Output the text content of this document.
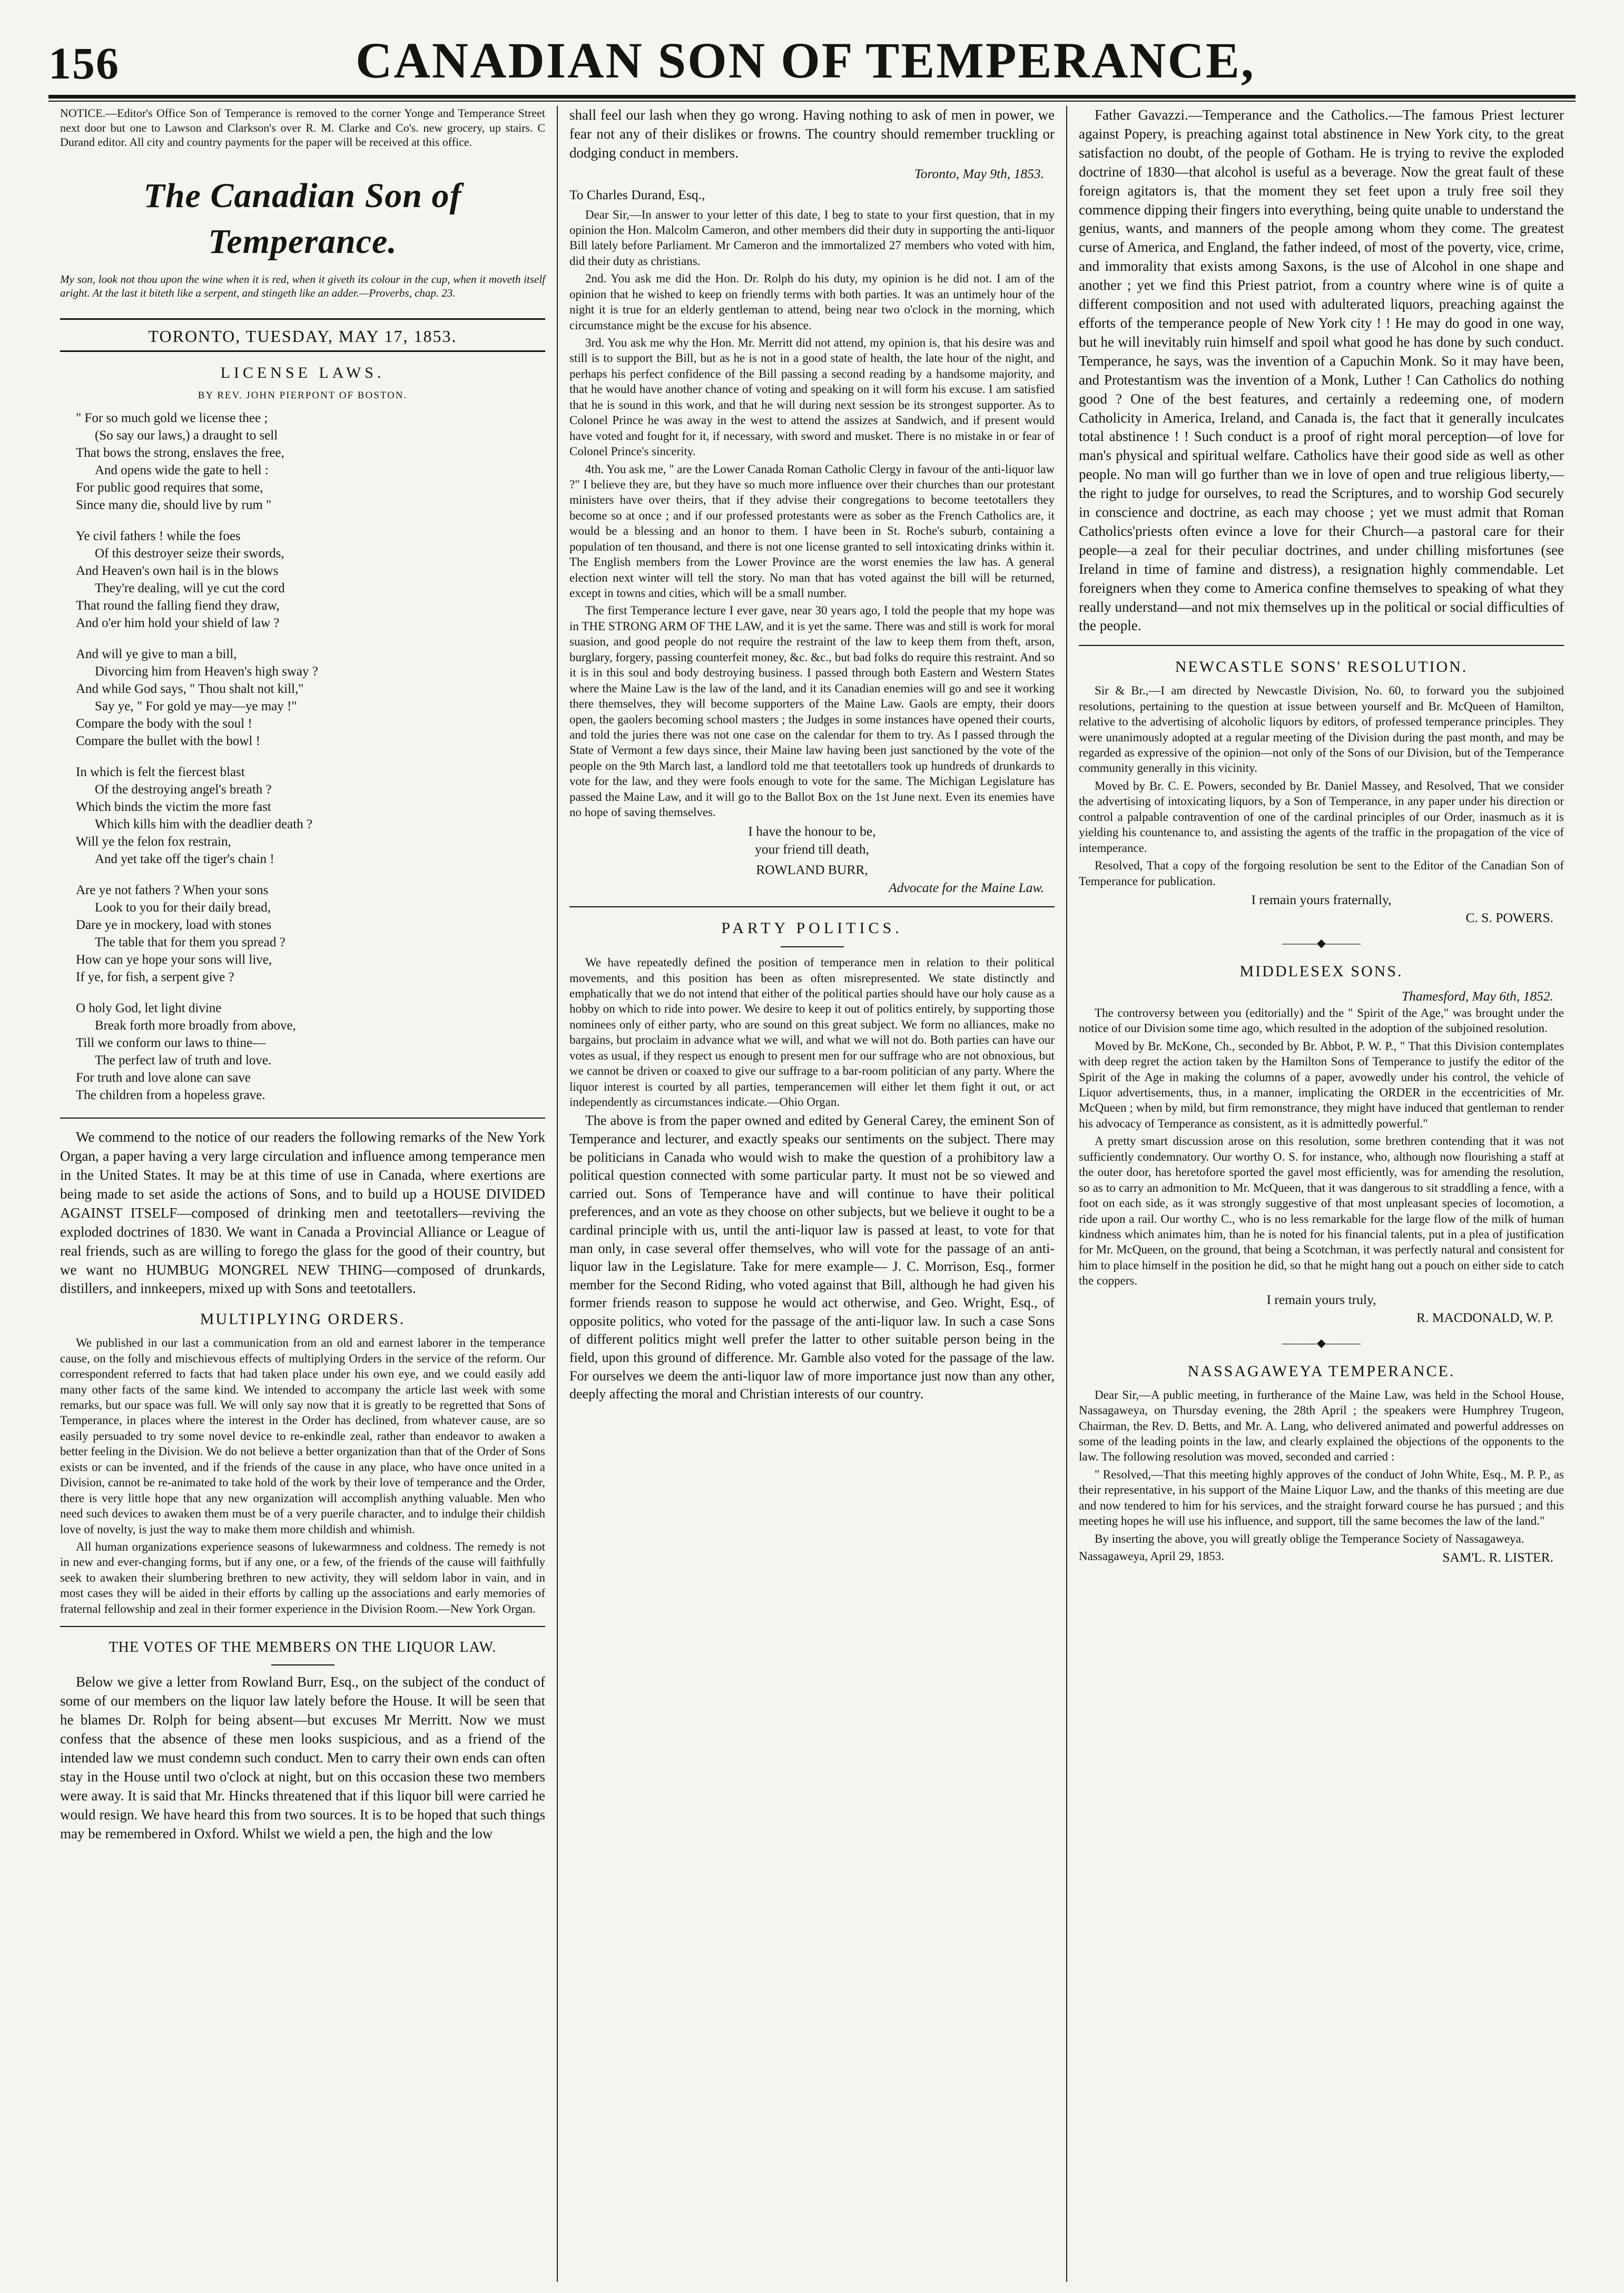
156	CANADIAN SON OF TEMPERANCE,

NOTICE.—Editor's Office Son of Temperance is removed to the corner Yonge and Temperance Street next door but one to Lawson and Clarkson's over R. M. Clarke and Co's. new grocery, up stairs. C Durand editor. All city and country payments for the paper will be received at this office.

The Canadian Son of Temperance.

My son, look not thou upon the wine when it is red, when it giveth its colour in the cup, when it moveth itself aright. At the last it biteth like a serpent, and stingeth like an adder.—Proverbs, chap. 23.

TORONTO, TUESDAY, MAY 17, 1853.
LICENSE LAWS.
BY REV. JOHN PIERPONT OF BOSTON.
" For so much gold we license thee ;
(So say our laws,) a draught to sell
That bows the strong, enslaves the free,
And opens wide the gate to hell :
For public good requires that some,
Since many die, should live by rum "
Ye civil fathers ! while the foes
Of this destroyer seize their swords,
And Heaven's own hail is in the blows
They're dealing, will ye cut the cord
That round the falling fiend they draw,
And o'er him hold your shield of law ?
And will ye give to man a bill,
Divorcing him from Heaven's high sway ?
And while God says, " Thou shalt not kill,"
Say ye, " For gold ye may—ye may !"
Compare the body with the soul !
Compare the bullet with the bowl !
In which is felt the fiercest blast
Of the destroying angel's breath ?
Which binds the victim the more fast
Which kills him with the deadlier death ?
Will ye the felon fox restrain,
And yet take off the tiger's chain !
Are ye not fathers ? When your sons
Look to you for their daily bread,
Dare ye in mockery, load with stones
The table that for them you spread ?
How can ye hope your sons will live,
If ye, for fish, a serpent give ?
O holy God, let light divine
Break forth more broadly from above,
Till we conform our laws to thine—
The perfect law of truth and love.
For truth and love alone can save
The children from a hopeless grave.

We commend to the notice of our readers the following remarks of the New York Organ, a paper having a very large circulation and influence among temperance men in the United States. It may be at this time of use in Canada, where exertions are being made to set aside the actions of Sons, and to build up a HOUSE DIVIDED AGAINST ITSELF—composed of drinking men and teetotallers—reviving the exploded doctrines of 1830. We want in Canada a Provincial Alliance or League of real friends, such as are willing to forego the glass for the good of their country, but we want no HUMBUG MONGREL NEW THING—composed of drunkards, distillers, and innkeepers, mixed up with Sons and teetotallers.

MULTIPLYING ORDERS.

We published in our last a communication from an old and earnest laborer in the temperance cause, on the folly and mischievous effects of multiplying Orders in the service of the reform. Our correspondent referred to facts that had taken place under his own eye, and we could easily add many other facts of the same kind. We intended to accompany the article last week with some remarks, but our space was full. We will only say now that it is greatly to be regretted that Sons of Temperance, in places where the interest in the Order has declined, from whatever cause, are so easily persuaded to try some novel device to re-enkindle zeal, rather than endeavor to awaken a better feeling in the Division. We do not believe a better organization than that of the Order of Sons exists or can be invented, and if the friends of the cause in any place, who have once united in a Division, cannot be re-animated to take hold of the work by their love of temperance and the Order, there is very little hope that any new organization will accomplish anything valuable. Men who need such devices to awaken them must be of a very puerile character, and to indulge their childish love of novelty, is just the way to make them more childish and whimish.

All human organizations experience seasons of lukewarmness and coldness. The remedy is not in new and ever-changing forms, but if any one, or a few, of the friends of the cause will faithfully seek to awaken their slumbering brethren to new activity, they will seldom labor in vain, and in most cases they will be aided in their efforts by calling up the associations and early memories of fraternal fellowship and zeal in their former experience in the Division Room.—New York Organ.

THE VOTES OF THE MEMBERS ON THE LIQUOR LAW.

Below we give a letter from Rowland Burr, Esq., on the subject of the conduct of some of our members on the liquor law lately before the House. It will be seen that he blames Dr. Rolph for being absent—but excuses Mr Merritt. Now we must confess that the absence of these men looks suspicious, and as a friend of the intended law we must condemn such conduct. Men to carry their own ends can often stay in the House until two o'clock at night, but on this occasion these two members were away. It is said that Mr. Hincks threatened that if this liquor bill were carried he would resign. We have heard this from two sources. It is to be hoped that such things may be remembered in Oxford. Whilst we wield a pen, the high and the low

shall feel our lash when they go wrong. Having nothing to ask of men in power, we fear not any of their dislikes or frowns. The country should remember truckling or dodging conduct in members.

Toronto, May 9th, 1853.
To Charles Durand, Esq.,

Dear Sir,—In answer to your letter of this date, I beg to state to your first question, that in my opinion the Hon. Malcolm Cameron, and other members did their duty in supporting the anti-liquor Bill lately before Parliament. Mr Cameron and the immortalized 27 members who voted with him, did their duty as christians.

2nd. You ask me did the Hon. Dr. Rolph do his duty, my opinion is he did not. I am of the opinion that he wished to keep on friendly terms with both parties. It was an untimely hour of the night it is true for an elderly gentleman to attend, being near two o'clock in the morning, which circumstance might be the excuse for his absence.

3rd. You ask me why the Hon. Mr. Merritt did not attend, my opinion is, that his desire was and still is to support the Bill, but as he is not in a good state of health, the late hour of the night, and perhaps his perfect confidence of the Bill passing a second reading by a handsome majority, and that he would have another chance of voting and speaking on it will form his excuse. I am satisfied that he is sound in this work, and that he will during next session be its strongest supporter. As to Colonel Prince he was away in the west to attend the assizes at Sandwich, and if present would have voted and fought for it, if necessary, with sword and musket. There is no mistake in or fear of Colonel Prince's sincerity.

4th. You ask me, " are the Lower Canada Roman Catholic Clergy in favour of the anti-liquor law ?" I believe they are, but they have so much more influence over their churches than our protestant ministers have over theirs, that if they advise their congregations to become teetotallers they become so at once ; and if our professed protestants were as sober as the French Catholics are, it would be a blessing and an honor to them. I have been in St. Roche's suburb, containing a population of ten thousand, and there is not one license granted to sell intoxicating drinks within it. The English members from the Lower Province are the worst enemies the law has. A general election next winter will tell the story. No man that has voted against the bill will be returned, except in towns and cities, which will be a small number.

The first Temperance lecture I ever gave, near 30 years ago, I told the people that my hope was in THE STRONG ARM OF THE LAW, and it is yet the same. There was and still is work for moral suasion, and good people do not require the restraint of the law to keep them from theft, arson, burglary, forgery, passing counterfeit money, &c. &c., but bad folks do require this restraint. And so it is in this soul and body destroying business. I passed through both Eastern and Western States where the Maine Law is the law of the land, and it its Canadian enemies will go and see it working there themselves, they will become supporters of the Maine Law. Gaols are empty, their doors open, the gaolers becoming school masters ; the Judges in some instances have opened their courts, and told the juries there was not one case on the calendar for them to try. As I passed through the State of Vermont a few days since, their Maine law having been just sanctioned by the vote of the people on the 9th March last, a landlord told me that teetotallers took up hundreds of drunkards to vote for the law, and they were fools enough to vote for the same. The Michigan Legislature has passed the Maine Law, and it will go to the Ballot Box on the 1st June next. Even its enemies have no hope of saving themselves.

I have the honour to be,
your friend till death,
ROWLAND BURR,
Advocate for the Maine Law.
PARTY POLITICS.

We have repeatedly defined the position of temperance men in relation to their political movements, and this position has been as often misrepresented. We state distinctly and emphatically that we do not intend that either of the political parties should have our holy cause as a hobby on which to ride into power. We desire to keep it out of politics entirely, by supporting those nominees only of either party, who are sound on this great subject. We form no alliances, make no bargains, but proclaim in advance what we will, and what we will not do. Both parties can have our votes as usual, if they respect us enough to present men for our suffrage who are not obnoxious, but we cannot be driven or coaxed to give our suffrage to a bar-room politician of any party. Where the liquor interest is courted by all parties, temperancemen will either let them fight it out, or act independently as circumstances indicate.—Ohio Organ.

The above is from the paper owned and edited by General Carey, the eminent Son of Temperance and lecturer, and exactly speaks our sentiments on the subject. There may be politicians in Canada who would wish to make the question of a prohibitory law a political question connected with some particular party. It must not be so viewed and carried out. Sons of Temperance have and will continue to have their political preferences, and an vote as they choose on other subjects, but we believe it ought to be a cardinal principle with us, until the anti-liquor law is passed at least, to vote for that man only, in case several offer themselves, who will vote for the passage of an anti-liquor law in the Legislature. Take for mere example— J. C. Morrison, Esq., former member for the Second Riding, who voted against that Bill, although he had given his former friends reason to suppose he would act otherwise, and Geo. Wright, Esq., of opposite politics, who voted for the passage of the anti-liquor law. In such a case Sons of different politics might well prefer the latter to other suitable person being in the field, upon this ground of difference. Mr. Gamble also voted for the passage of the law. For ourselves we deem the anti-liquor law of more importance just now than any other, deeply affecting the moral and Christian interests of our country.

Father Gavazzi.—Temperance and the Catholics.—The famous Priest lecturer against Popery, is preaching against total abstinence in New York city, to the great satisfaction no doubt, of the people of Gotham. He is trying to revive the exploded doctrine of 1830—that alcohol is useful as a beverage. Now the great fault of these foreign agitators is, that the moment they set feet upon a truly free soil they commence dipping their fingers into everything, being quite unable to understand the genius, wants, and manners of the people among whom they come. The greatest curse of America, and England, the father indeed, of most of the poverty, vice, crime, and immorality that exists among Saxons, is the use of Alcohol in one shape and another ; yet we find this Priest patriot, from a country where wine is of quite a different composition and not used with adulterated liquors, preaching against the efforts of the temperance people of New York city ! ! He may do good in one way, but he will inevitably ruin himself and spoil what good he has done by such conduct. Temperance, he says, was the invention of a Capuchin Monk. So it may have been, and Protestantism was the invention of a Monk, Luther ! Can Catholics do nothing good ? One of the best features, and certainly a redeeming one, of modern Catholicity in America, Ireland, and Canada is, the fact that it generally inculcates total abstinence ! ! Such conduct is a proof of right moral perception—of love for man's physical and spiritual welfare. Catholics have their good side as well as other people. No man will go further than we in love of open and true religious liberty,—the right to judge for ourselves, to read the Scriptures, and to worship God securely in conscience and doctrine, as each may choose ; yet we must admit that Roman Catholics'priests often evince a love for their Church—a pastoral care for their people—a zeal for their peculiar doctrines, and under chilling misfortunes (see Ireland in time of famine and distress), a resignation highly commendable. Let foreigners when they come to America confine themselves to speaking of what they really understand—and not mix themselves up in the political or social difficulties of the people.

NEWCASTLE SONS' RESOLUTION.

Sir & Br.,—I am directed by Newcastle Division, No. 60, to forward you the subjoined resolutions, pertaining to the question at issue between yourself and Br. McQueen of Hamilton, relative to the advertising of alcoholic liquors by editors, of professed temperance principles. They were unanimously adopted at a regular meeting of the Division during the past month, and may be regarded as expressive of the opinion—not only of the Sons of our Division, but of the Temperance community generally in this vicinity.

Moved by Br. C. E. Powers, seconded by Br. Daniel Massey, and Resolved, That we consider the advertising of intoxicating liquors, by a Son of Temperance, in any paper under his direction or control a palpable contravention of one of the cardinal principles of our Order, inasmuch as it is yielding his countenance to, and assisting the agents of the traffic in the propagation of the vice of intemperance.

Resolved, That a copy of the forgoing resolution be sent to the Editor of the Canadian Son of Temperance for publication.

I remain yours fraternally,
C. S. POWERS.
———◆———
MIDDLESEX SONS.
Thamesford, May 6th, 1852.

The controversy between you (editorially) and the " Spirit of the Age," was brought under the notice of our Division some time ago, which resulted in the adoption of the subjoined resolution.

Moved by Br. McKone, Ch., seconded by Br. Abbot, P. W. P., " That this Division contemplates with deep regret the action taken by the Hamilton Sons of Temperance to justify the editor of the Spirit of the Age in making the columns of a paper, avowedly under his control, the vehicle of Liquor advertisements, thus, in a manner, implicating the ORDER in the eccentricities of Mr. McQueen ; when by mild, but firm remonstrance, they might have induced that gentleman to render his advocacy of Temperance as consistent, as it is admittedly powerful."

A pretty smart discussion arose on this resolution, some brethren contending that it was not sufficiently condemnatory. Our worthy O. S. for instance, who, although now flourishing a staff at the outer door, has heretofore sported the gavel most efficiently, was for amending the resolution, so as to carry an admonition to Mr. McQueen, that it was dangerous to sit straddling a fence, with a foot on each side, as it was strongly suggestive of that most unpleasant species of locomotion, a ride upon a rail. Our worthy C., who is no less remarkable for the large flow of the milk of human kindness which animates him, than he is noted for his financial talents, put in a plea of justification for Mr. McQueen, on the ground, that being a Scotchman, it was perfectly natural and consistent for him to place himself in the position he did, so that he might hang out a pouch on either side to catch the coppers.

I remain yours truly,
R. MACDONALD, W. P.
———◆———
NASSAGAWEYA TEMPERANCE.

Dear Sir,—A public meeting, in furtherance of the Maine Law, was held in the School House, Nassagaweya, on Thursday evening, the 28th April ; the speakers were Humphrey Trugeon, Chairman, the Rev. D. Betts, and Mr. A. Lang, who delivered animated and powerful addresses on some of the leading points in the law, and clearly explained the objections of the opponents to the law. The following resolution was moved, seconded and carried :

" Resolved,—That this meeting highly approves of the conduct of John White, Esq., M. P. P., as their representative, in his support of the Maine Liquor Law, and the thanks of this meeting are due and now tendered to him for his services, and the straight forward course he has pursued ; and this meeting hopes he will use his influence, and support, till the same becomes the law of the land."

By inserting the above, you will greatly oblige the Temperance Society of Nassagaweya.

Nassagaweya, April 29, 1853.	SAM'L. R. LISTER.
